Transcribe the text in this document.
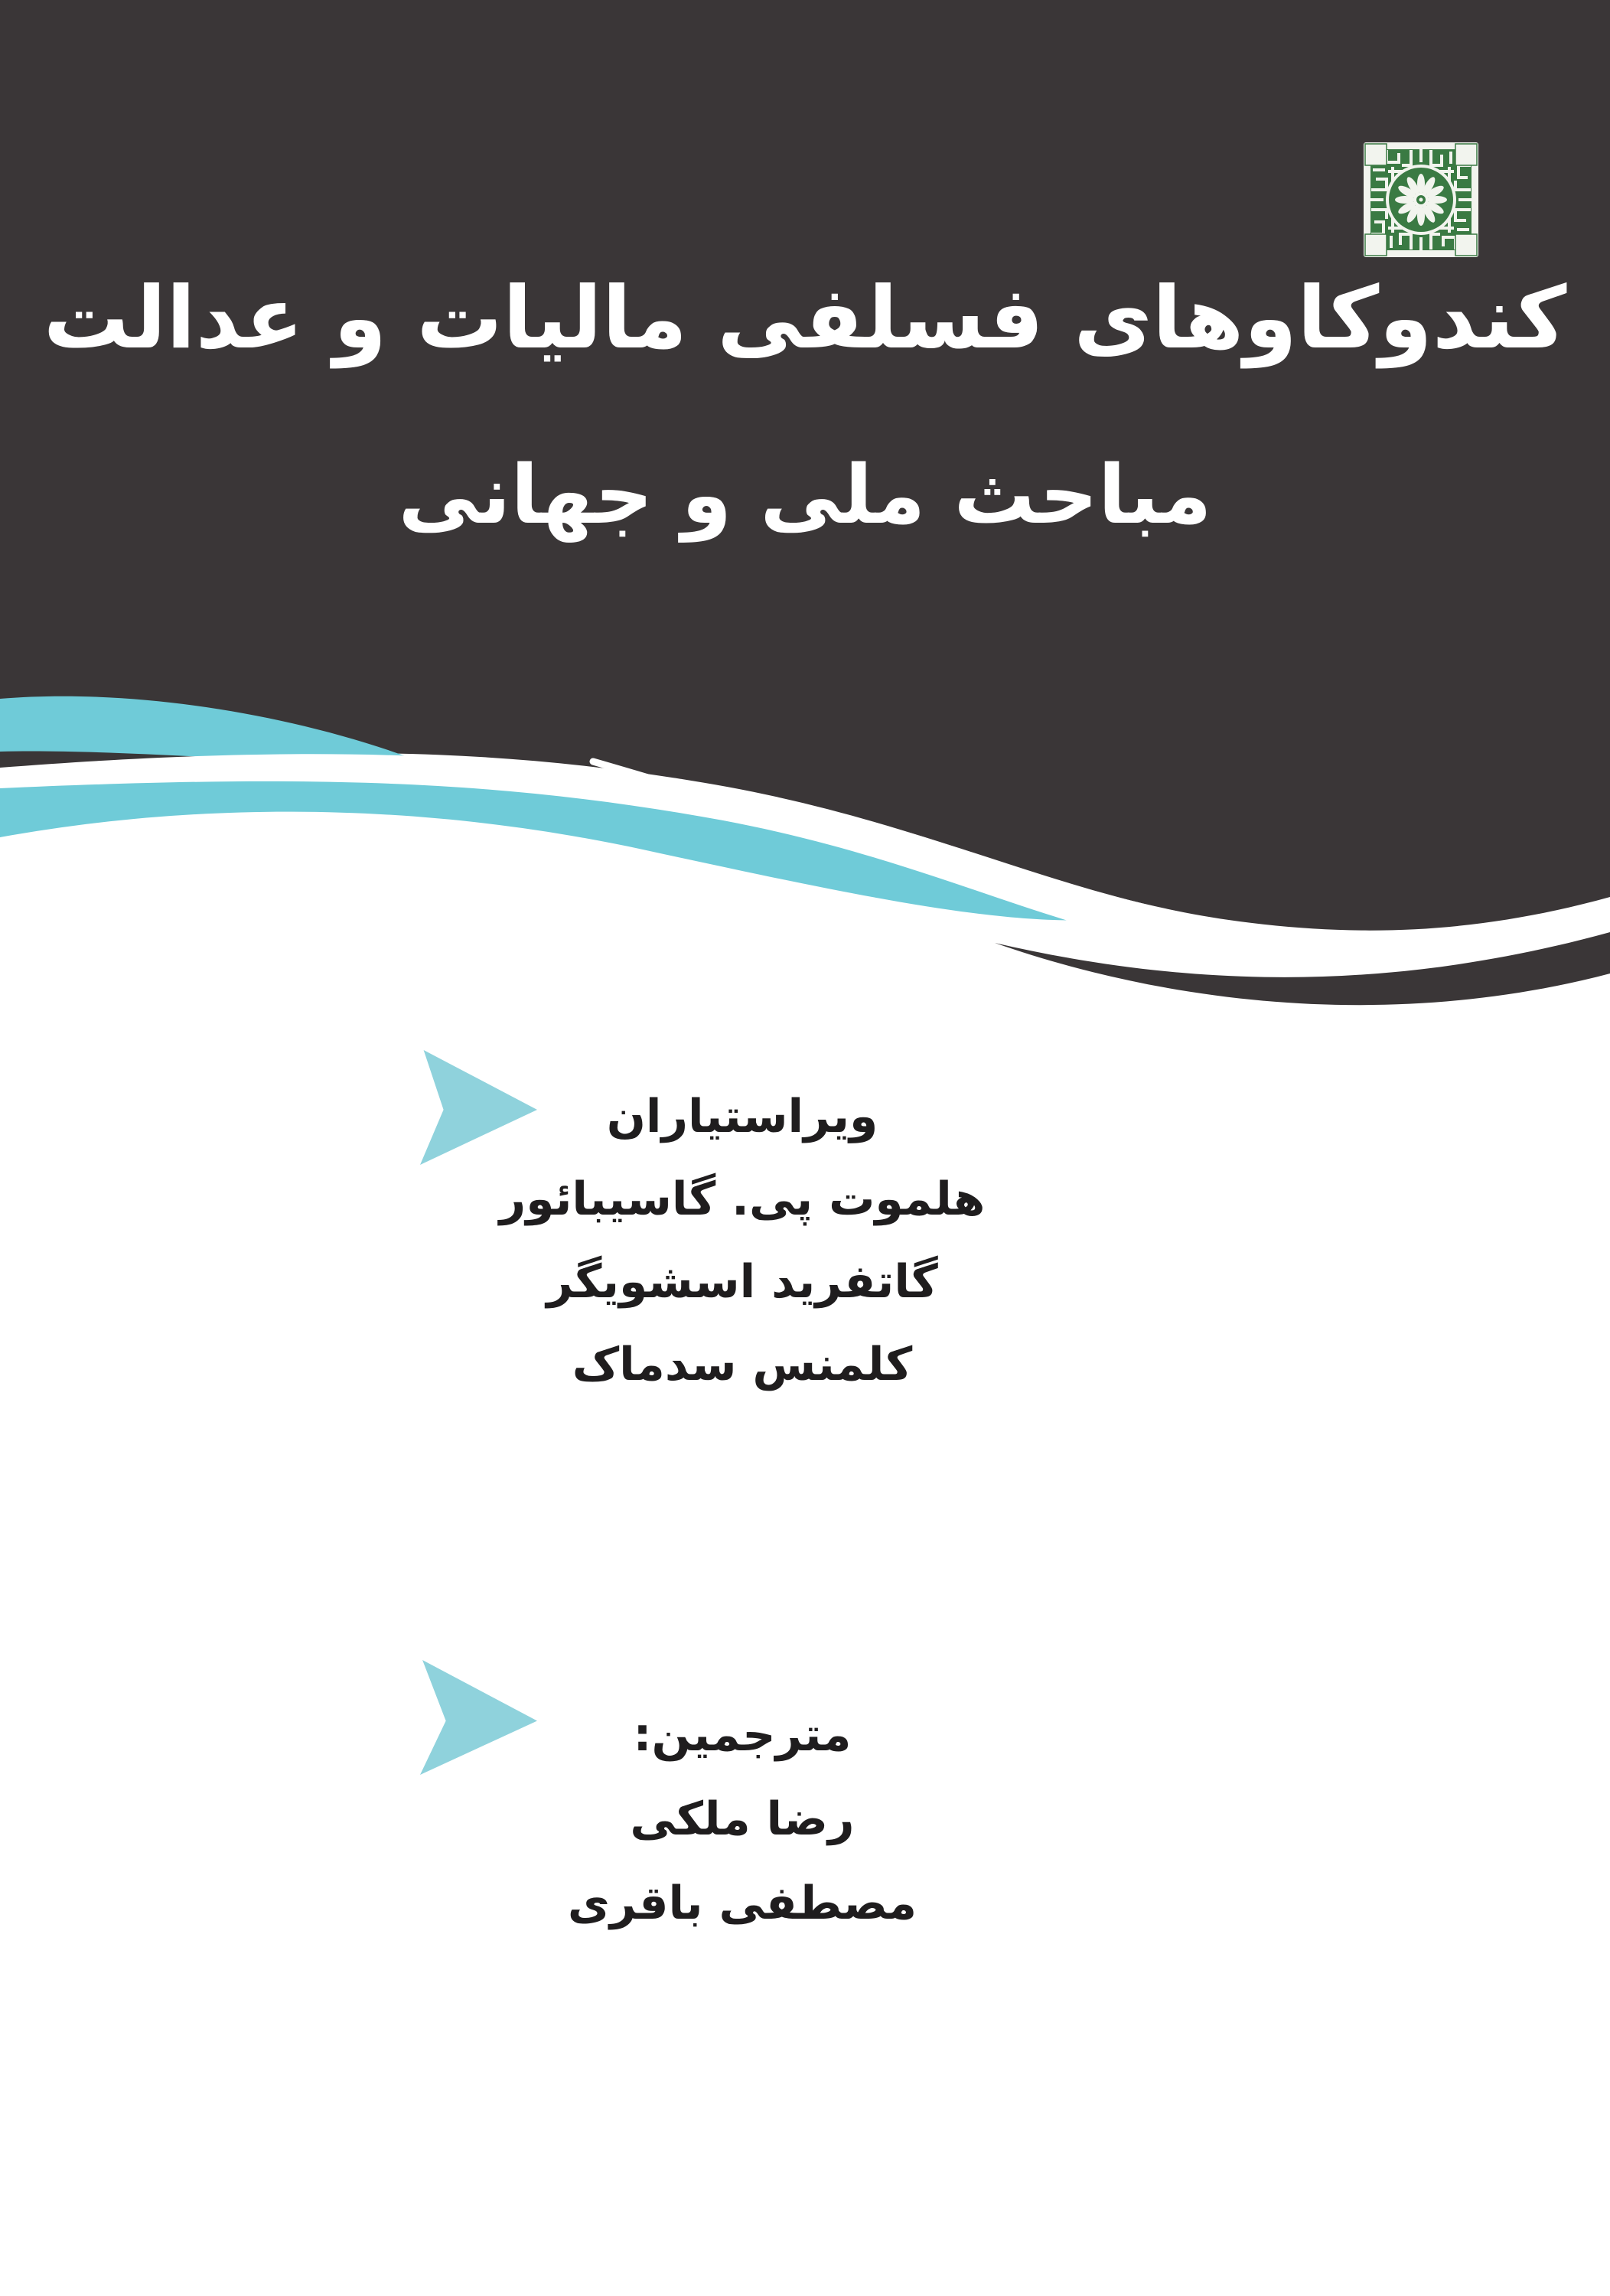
کندوکاوهای فسلفی مالیات و عدالت
مباحث ملی و جهانی
ویراستیاران
هلموت پی. گاسیبائور
گاتفرید اسشویگر
کلمنس سدماک
مترجمین:
رضا ملکی
مصطفی باقری
